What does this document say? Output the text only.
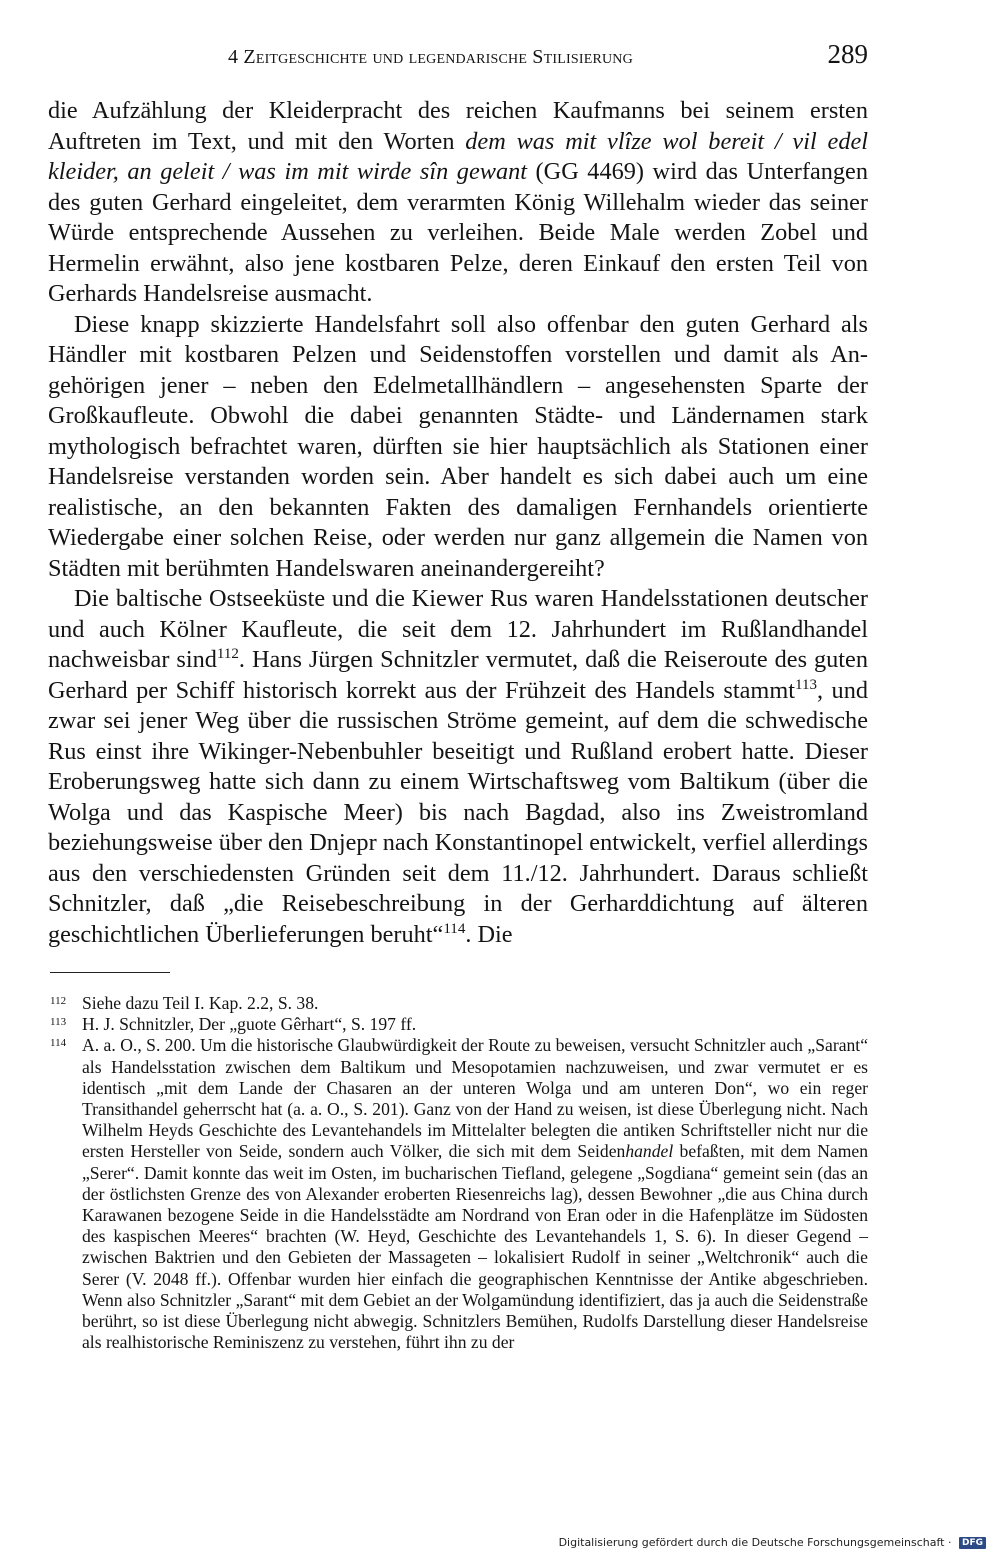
4 Zeitgeschichte und legendarische Stilisierung	289

die Aufzählung der Kleiderpracht des reichen Kaufmanns bei seinem ersten Auftreten im Text, und mit den Worten dem was mit vlîze wol bereit / vil edel kleider, an geleit / was im mit wirde sîn gewant (GG 4469) wird das Unterfangen des guten Gerhard eingeleitet, dem verarmten König Willehalm wieder das seiner Würde entsprechende Aussehen zu verleihen. Beide Male werden Zobel und Hermelin erwähnt, also jene kostbaren Pelze, deren Einkauf den ersten Teil von Gerhards Handelsreise ausmacht.

Diese knapp skizzierte Handelsfahrt soll also offenbar den guten Gerhard als Händler mit kostbaren Pelzen und Seidenstoffen vorstellen und damit als Angehörigen jener – neben den Edelmetallhändlern – angesehensten Sparte der Großkaufleute. Obwohl die dabei genannten Städte- und Ländernamen stark mythologisch befrachtet waren, dürften sie hier hauptsächlich als Stationen einer Handelsreise verstanden worden sein. Aber handelt es sich dabei auch um eine realistische, an den bekannten Fakten des damaligen Fernhandels orientierte Wiedergabe einer solchen Reise, oder werden nur ganz allgemein die Namen von Städten mit berühmten Handelswaren aneinandergereiht?

Die baltische Ostseeküste und die Kiewer Rus waren Handelsstationen deutscher und auch Kölner Kaufleute, die seit dem 12. Jahrhundert im Rußlandhandel nachweisbar sind$^{112}$. Hans Jürgen Schnitzler vermutet, daß die Reiseroute des guten Gerhard per Schiff historisch korrekt aus der Frühzeit des Handels stammt$^{113}$, und zwar sei jener Weg über die russischen Ströme gemeint, auf dem die schwedische Rus einst ihre Wikinger-Nebenbuhler beseitigt und Rußland erobert hatte. Dieser Eroberungsweg hatte sich dann zu einem Wirtschaftsweg vom Baltikum (über die Wolga und das Kaspische Meer) bis nach Bagdad, also ins Zweistromland beziehungsweise über den Dnjepr nach Konstantinopel entwickelt, verfiel allerdings aus den verschiedensten Gründen seit dem 11./12. Jahrhundert. Daraus schließt Schnitzler, daß „die Reisebeschreibung in der Gerharddichtung auf älteren geschichtlichen Überlieferungen beruht“$^{114}$. Die

112 Siehe dazu Teil I. Kap. 2.2, S. 38.
113 H. J. Schnitzler, Der „guote Gêrhart“, S. 197 ff.
114 A. a. O., S. 200. Um die historische Glaubwürdigkeit der Route zu beweisen, versucht Schnitzler auch „Sarant“ als Handelsstation zwischen dem Baltikum und Mesopotamien nachzuweisen, und zwar vermutet er es identisch „mit dem Lande der Chasaren an der unteren Wolga und am unteren Don“, wo ein reger Transithandel geherrscht hat (a. a. O., S. 201). Ganz von der Hand zu weisen, ist diese Überlegung nicht. Nach Wilhelm Heyds Geschichte des Levantehandels im Mittelalter belegten die antiken Schriftsteller nicht nur die ersten Hersteller von Seide, sondern auch Völker, die sich mit dem Seidenhandel befaßten, mit dem Namen „Serer“. Damit konnte das weit im Osten, im bucharischen Tiefland, gelegene „Sogdiana“ gemeint sein (das an der östlichsten Grenze des von Alexander eroberten Riesenreichs lag), dessen Bewohner „die aus China durch Karawanen bezogene Seide in die Handelsstädte am Nordrand von Eran oder in die Hafenplätze im Südosten des kaspischen Meeres“ brachten (W. Heyd, Geschichte des Levantehandels 1, S. 6). In dieser Gegend – zwischen Baktrien und den Gebieten der Massageten – lokalisiert Rudolf in seiner „Weltchronik“ auch die Serer (V. 2048 ff.). Offenbar wurden hier einfach die geographischen Kenntnisse der Antike abgeschrieben. Wenn also Schnitzler „Sarant“ mit dem Gebiet an der Wolgamündung identifiziert, das ja auch die Seidenstraße berührt, so ist diese Überlegung nicht abwegig. Schnitzlers Bemühen, Rudolfs Darstellung dieser Handelsreise als realhistorische Reminiszenz zu verstehen, führt ihn zu der
Digitalisierung gefördert durch die Deutsche Forschungsgemeinschaft · DFG
